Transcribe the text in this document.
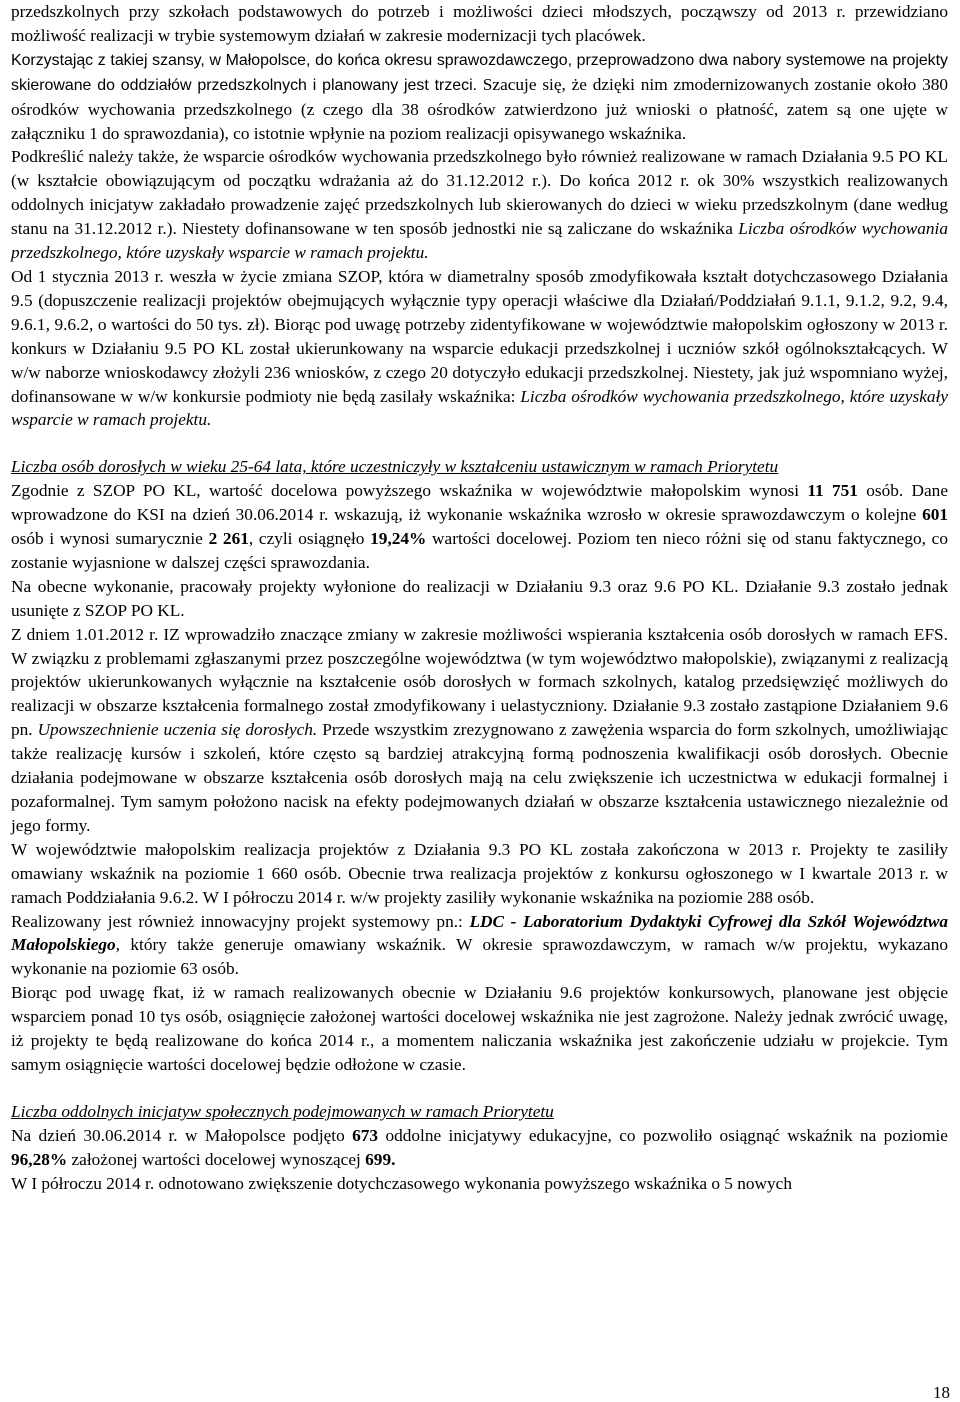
przedszkolnych przy szkołach podstawowych do potrzeb i możliwości dzieci młodszych, począwszy od 2013 r. przewidziano możliwość realizacji w trybie systemowym działań w zakresie modernizacji tych placówek.

Korzystając z takiej szansy, w Małopolsce, do końca okresu sprawozdawczego, przeprowadzono dwa nabory systemowe na projekty skierowane do oddziałów przedszkolnych i planowany jest trzeci. Szacuje się, że dzięki nim zmodernizowanych zostanie około 380 ośrodków wychowania przedszkolnego (z czego dla 38 ośrodków zatwierdzono już wnioski o płatność, zatem są one ujęte w załączniku 1 do sprawozdania), co istotnie wpłynie na poziom realizacji opisywanego wskaźnika.

Podkreślić należy także, że wsparcie ośrodków wychowania przedszkolnego było również realizowane w ramach Działania 9.5 PO KL (w kształcie obowiązującym od początku wdrażania aż do 31.12.2012 r.). Do końca 2012 r. ok 30% wszystkich realizowanych oddolnych inicjatyw zakładało prowadzenie zajęć przedszkolnych lub skierowanych do dzieci w wieku przedszkolnym (dane według stanu na 31.12.2012 r.). Niestety dofinansowane w ten sposób jednostki nie są zaliczane do wskaźnika Liczba ośrodków wychowania przedszkolnego, które uzyskały wsparcie w ramach projektu.

Od 1 stycznia 2013 r. weszła w życie zmiana SZOP, która w diametralny sposób zmodyfikowała kształt dotychczasowego Działania 9.5 (dopuszczenie realizacji projektów obejmujących wyłącznie typy operacji właściwe dla Działań/Poddziałań 9.1.1, 9.1.2, 9.2, 9.4, 9.6.1, 9.6.2, o wartości do 50 tys. zł). Biorąc pod uwagę potrzeby zidentyfikowane w województwie małopolskim ogłoszony w 2013 r. konkurs w Działaniu 9.5 PO KL został ukierunkowany na wsparcie edukacji przedszkolnej i uczniów szkół ogólnokształcących. W w/w naborze wnioskodawcy złożyli 236 wniosków, z czego 20 dotyczyło edukacji przedszkolnej. Niestety, jak już wspomniano wyżej, dofinansowane w w/w konkursie podmioty nie będą zasilały wskaźnika: Liczba ośrodków wychowania przedszkolnego, które uzyskały wsparcie w ramach projektu.

Liczba osób dorosłych w wieku 25-64 lata, które uczestniczyły w kształceniu ustawicznym w ramach Priorytetu

Zgodnie z SZOP PO KL, wartość docelowa powyższego wskaźnika w województwie małopolskim wynosi 11 751 osób. Dane wprowadzone do KSI na dzień 30.06.2014 r. wskazują, iż wykonanie wskaźnika wzrosło w okresie sprawozdawczym o kolejne 601 osób i wynosi sumarycznie 2 261, czyli osiągnęło 19,24% wartości docelowej. Poziom ten nieco różni się od stanu faktycznego, co zostanie wyjasnione w dalszej części sprawozdania.

Na obecne wykonanie, pracowały projekty wyłonione do realizacji w Działaniu 9.3 oraz 9.6 PO KL. Działanie 9.3 zostało jednak usunięte z SZOP PO KL.

Z dniem 1.01.2012 r. IZ wprowadziło znaczące zmiany w zakresie możliwości wspierania kształcenia osób dorosłych w ramach EFS. W związku z problemami zgłaszanymi przez poszczególne województwa (w tym województwo małopolskie), związanymi z realizacją projektów ukierunkowanych wyłącznie na kształcenie osób dorosłych w formach szkolnych, katalog przedsięwzięć możliwych do realizacji w obszarze kształcenia formalnego został zmodyfikowany i uelastyczniony. Działanie 9.3 zostało zastąpione Działaniem 9.6 pn. Upowszechnienie uczenia się dorosłych. Przede wszystkim zrezygnowano z zawężenia wsparcia do form szkolnych, umożliwiając także realizację kursów i szkoleń, które często są bardziej atrakcyjną formą podnoszenia kwalifikacji osób dorosłych. Obecnie działania podejmowane w obszarze kształcenia osób dorosłych mają na celu zwiększenie ich uczestnictwa w edukacji formalnej i pozaformalnej. Tym samym położono nacisk na efekty podejmowanych działań w obszarze kształcenia ustawicznego niezależnie od jego formy.

W województwie małopolskim realizacja projektów z Działania 9.3 PO KL została zakończona w 2013 r. Projekty te zasiliły omawiany wskaźnik na poziomie 1 660 osób. Obecnie trwa realizacja projektów z konkursu ogłoszonego w I kwartale 2013 r. w ramach Poddziałania 9.6.2. W I półroczu 2014 r. w/w projekty zasiliły wykonanie wskaźnika na poziomie 288 osób.

Realizowany jest również innowacyjny projekt systemowy pn.: LDC - Laboratorium Dydaktyki Cyfrowej dla Szkół Województwa Małopolskiego, który także generuje omawiany wskaźnik. W okresie sprawozdawczym, w ramach w/w projektu, wykazano wykonanie na poziomie 63 osób.

Biorąc pod uwagę fkat, iż w ramach realizowanych obecnie w Działaniu 9.6 projektów konkursowych, planowane jest objęcie wsparciem ponad 10 tys osób, osiągnięcie założonej wartości docelowej wskaźnika nie jest zagrożone. Należy jednak zwrócić uwagę, iż projekty te będą realizowane do końca 2014 r., a momentem naliczania wskaźnika jest zakończenie udziału w projekcie. Tym samym osiągnięcie wartości docelowej będzie odłożone w czasie.

Liczba oddolnych inicjatyw społecznych podejmowanych w ramach Priorytetu

Na dzień 30.06.2014 r. w Małopolsce podjęto 673 oddolne inicjatywy edukacyjne, co pozwoliło osiągnąć wskaźnik na poziomie 96,28% założonej wartości docelowej wynoszącej 699.

W I półroczu 2014 r. odnotowano zwiększenie dotychczasowego wykonania powyższego wskaźnika o 5 nowych

18
